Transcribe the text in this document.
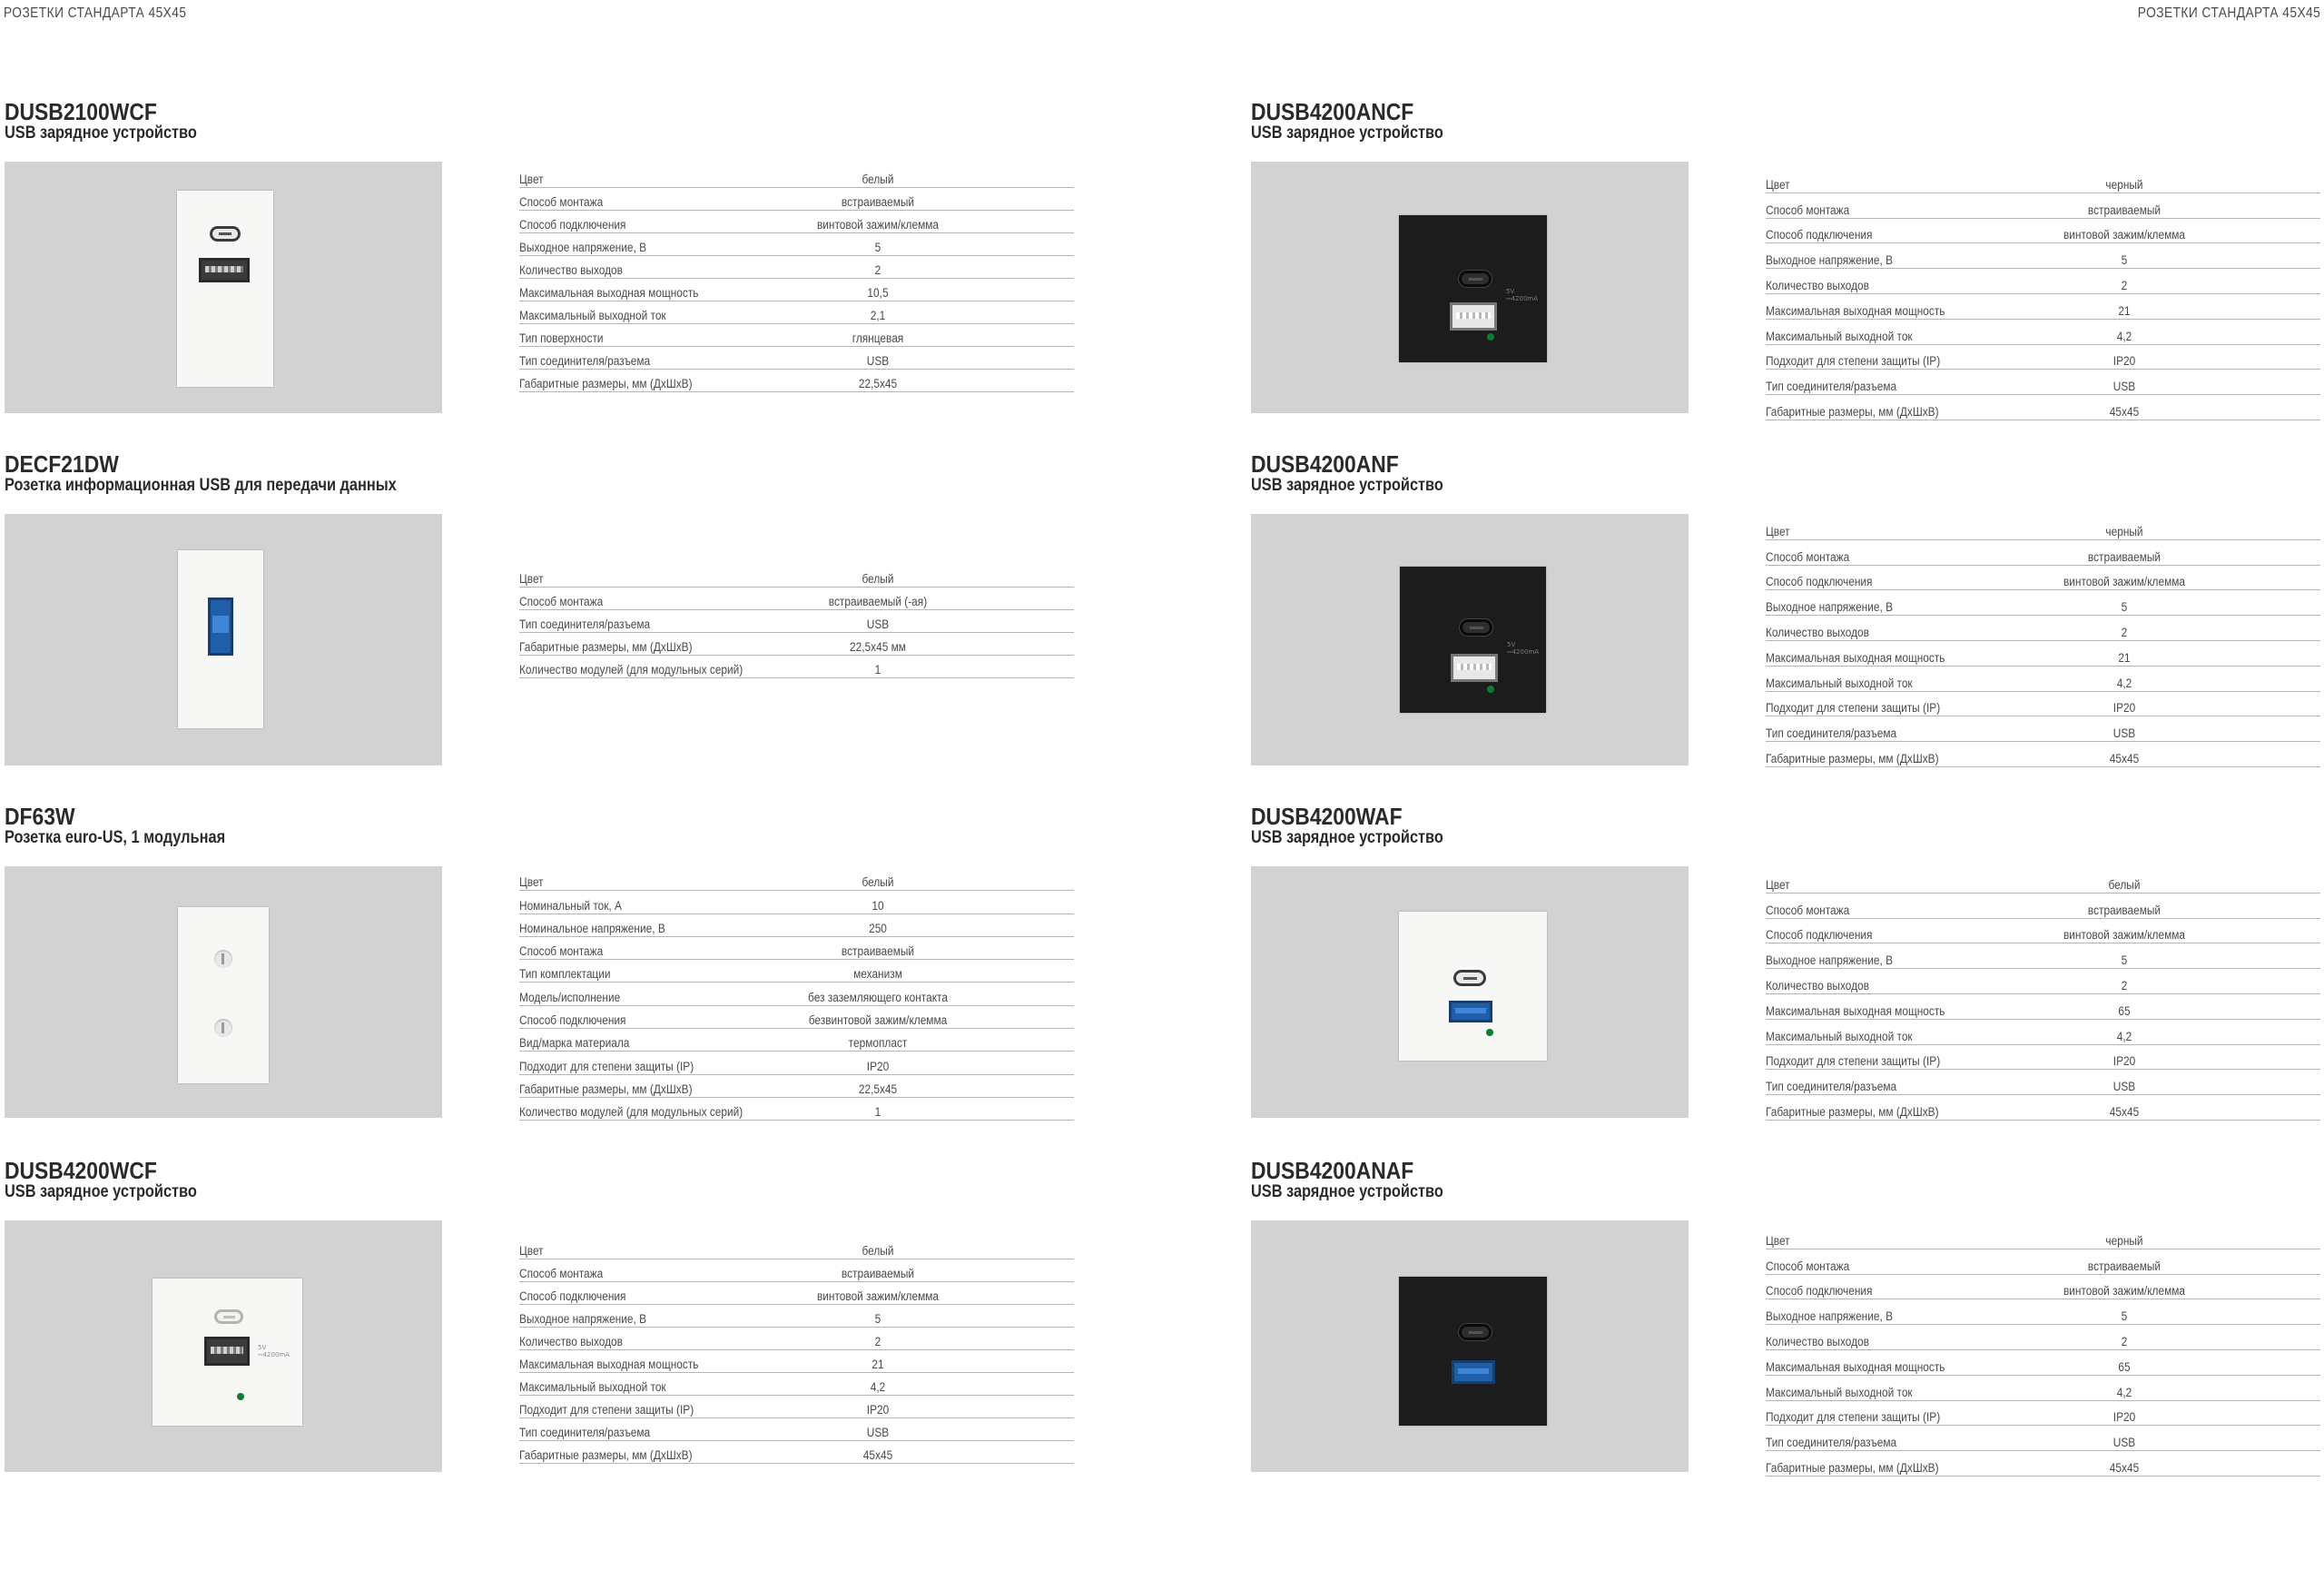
РОЗЕТКИ СТАНДАРТА 45Х45	РОЗЕТКИ СТАНДАРТА 45Х45
DUSB2100WCF
USB зарядное устройство
Цвет	белый
Способ монтажа	встраиваемый
Способ подключения	винтовой зажим/клемма
Выходное напряжение, В	5
Количество выходов	2
Максимальная выходная мощность	10,5
Максимальный выходной ток	2,1
Тип поверхности	глянцевая
Тип соединителя/разъема	USB
Габаритные размеры, мм (ДхШхВ)	22,5х45
DECF21DW
Розетка информационная USB для передачи данных
Цвет	белый
Способ монтажа	встраиваемый (-ая)
Тип соединителя/разъема	USB
Габаритные размеры, мм (ДхШхВ)	22,5х45 мм
Количество модулей (для модульных серий)	1
DF63W
Розетка euro-US, 1 модульная
Цвет	белый
Номинальный ток, А	10
Номинальное напряжение, В	250
Способ монтажа	встраиваемый
Тип комплектации	механизм
Модель/исполнение	без заземляющего контакта
Способ подключения	безвинтовой зажим/клемма
Вид/марка материала	термопласт
Подходит для степени защиты (IP)	IP20
Габаритные размеры, мм (ДхШхВ)	22,5х45
Количество модулей (для модульных серий)	1
DUSB4200WCF
USB зарядное устройство
5V
⎓4200mA
Цвет	белый
Способ монтажа	встраиваемый
Способ подключения	винтовой зажим/клемма
Выходное напряжение, В	5
Количество выходов	2
Максимальная выходная мощность	21
Максимальный выходной ток	4,2
Подходит для степени защиты (IP)	IP20
Тип соединителя/разъема	USB
Габаритные размеры, мм (ДхШхВ)	45х45
DUSB4200ANCF
USB зарядное устройство
5V
⎓4200mA
Цвет	черный
Способ монтажа	встраиваемый
Способ подключения	винтовой зажим/клемма
Выходное напряжение, В	5
Количество выходов	2
Максимальная выходная мощность	21
Максимальный выходной ток	4,2
Подходит для степени защиты (IP)	IP20
Тип соединителя/разъема	USB
Габаритные размеры, мм (ДхШхВ)	45х45
DUSB4200ANF
USB зарядное устройство
5V
⎓4200mA
Цвет	черный
Способ монтажа	встраиваемый
Способ подключения	винтовой зажим/клемма
Выходное напряжение, В	5
Количество выходов	2
Максимальная выходная мощность	21
Максимальный выходной ток	4,2
Подходит для степени защиты (IP)	IP20
Тип соединителя/разъема	USB
Габаритные размеры, мм (ДхШхВ)	45х45
DUSB4200WAF
USB зарядное устройство
Цвет	белый
Способ монтажа	встраиваемый
Способ подключения	винтовой зажим/клемма
Выходное напряжение, В	5
Количество выходов	2
Максимальная выходная мощность	65
Максимальный выходной ток	4,2
Подходит для степени защиты (IP)	IP20
Тип соединителя/разъема	USB
Габаритные размеры, мм (ДхШхВ)	45х45
DUSB4200ANAF
USB зарядное устройство
Цвет	черный
Способ монтажа	встраиваемый
Способ подключения	винтовой зажим/клемма
Выходное напряжение, В	5
Количество выходов	2
Максимальная выходная мощность	65
Максимальный выходной ток	4,2
Подходит для степени защиты (IP)	IP20
Тип соединителя/разъема	USB
Габаритные размеры, мм (ДхШхВ)	45х45
